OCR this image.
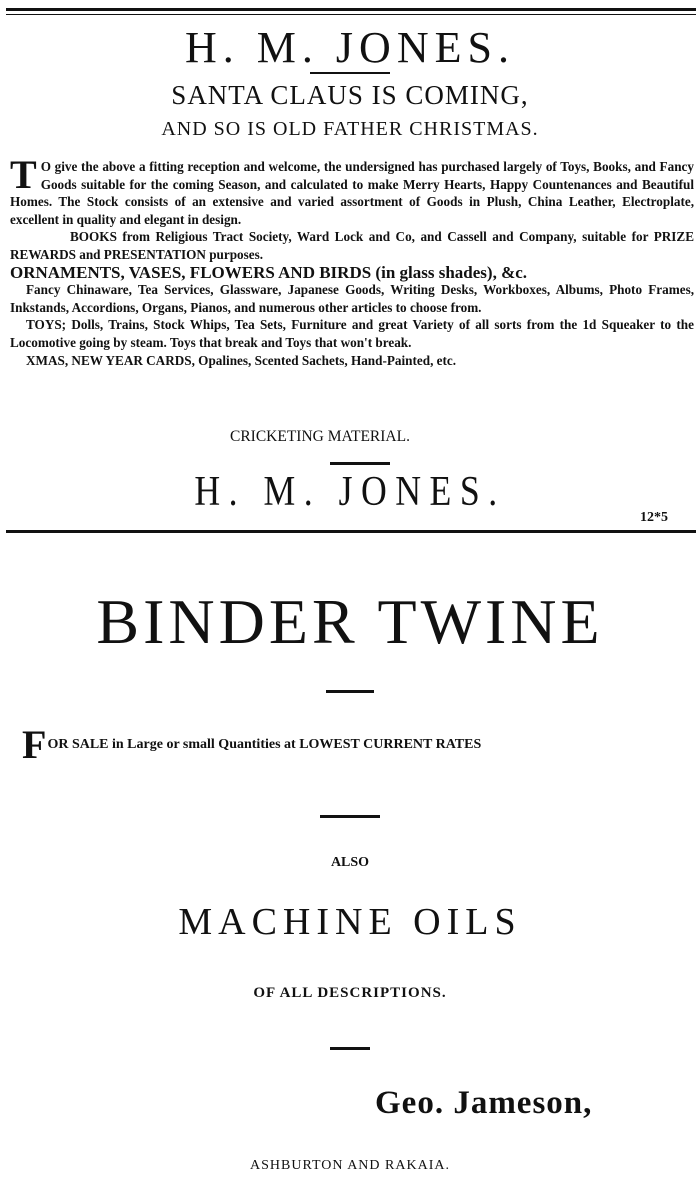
H. M. JONES.
SANTA CLAUS IS COMING,
AND SO IS OLD FATHER CHRISTMAS.

T O give the above a fitting reception and welcome, the undersigned has purchased largely of Toys, Books, and Fancy Goods suitable for the coming Season, and calculated to make Merry Hearts, Happy Countenances and Beautiful Homes. The Stock consists of an extensive and varied assortment of Goods in Plush, China Leather, Electroplate, excellent in quality and elegant in design.

BOOKS from Religious Tract Society, Ward Lock and Co, and Cassell and Company, suitable for PRIZE REWARDS and PRESENTATION purposes.

ORNAMENTS, VASES, FLOWERS AND BIRDS (in glass shades), &c.

Fancy Chinaware, Tea Services, Glassware, Japanese Goods, Writing Desks, Workboxes, Albums, Photo Frames, Inkstands, Accordions, Organs, Pianos, and numerous other articles to choose from.

TOYS; Dolls, Trains, Stock Whips, Tea Sets, Furniture and great Variety of all sorts from the 1d Squeaker to the Locomotive going by steam. Toys that break and Toys that won't break.

XMAS, NEW YEAR CARDS, Opalines, Scented Sachets, Hand-Painted, etc.

CRICKETING MATERIAL.
H. M. JONES.
12*5
BINDER TWINE
FOR SALE in Large or small Quantities at LOWEST CURRENT RATES
ALSO
MACHINE OILS
OF ALL DESCRIPTIONS.
Geo. Jameson,
ASHBURTON AND RAKAIA.
